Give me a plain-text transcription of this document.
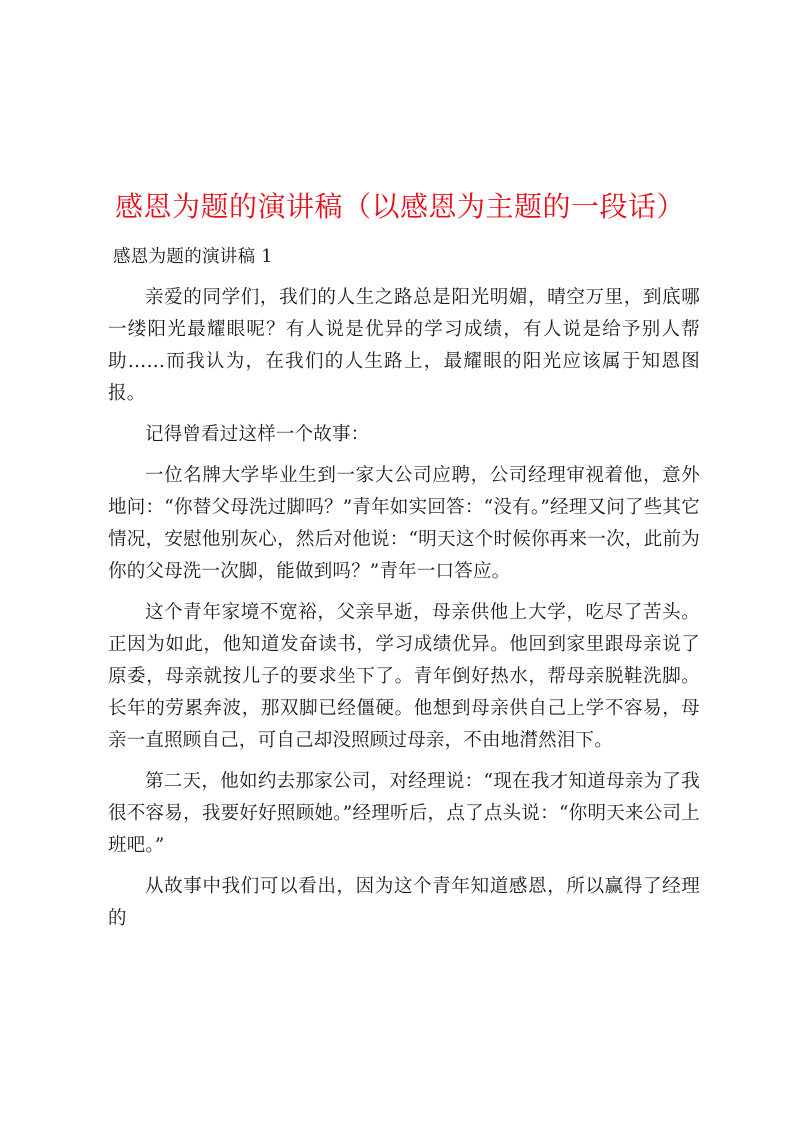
感恩为题的演讲稿（以感恩为主题的一段话）
感恩为题的演讲稿 1

亲爱的同学们，我们的人生之路总是阳光明媚，晴空万里，到底哪一缕阳光最耀眼呢？有人说是优异的学习成绩，有人说是给予别人帮助……而我认为，在我们的人生路上，最耀眼的阳光应该属于知恩图报。

记得曾看过这样一个故事：

一位名牌大学毕业生到一家大公司应聘，公司经理审视着他，意外地问：“你替父母洗过脚吗？”青年如实回答：“没有。”经理又问了些其它情况，安慰他别灰心，然后对他说：“明天这个时候你再来一次，此前为你的父母洗一次脚，能做到吗？”青年一口答应。

这个青年家境不宽裕，父亲早逝，母亲供他上大学，吃尽了苦头。正因为如此，他知道发奋读书，学习成绩优异。他回到家里跟母亲说了原委，母亲就按儿子的要求坐下了。青年倒好热水，帮母亲脱鞋洗脚。长年的劳累奔波，那双脚已经僵硬。他想到母亲供自己上学不容易，母亲一直照顾自己，可自己却没照顾过母亲，不由地潸然泪下。

第二天，他如约去那家公司，对经理说：“现在我才知道母亲为了我很不容易，我要好好照顾她。”经理听后，点了点头说：“你明天来公司上班吧。”

从故事中我们可以看出，因为这个青年知道感恩，所以赢得了经理的
